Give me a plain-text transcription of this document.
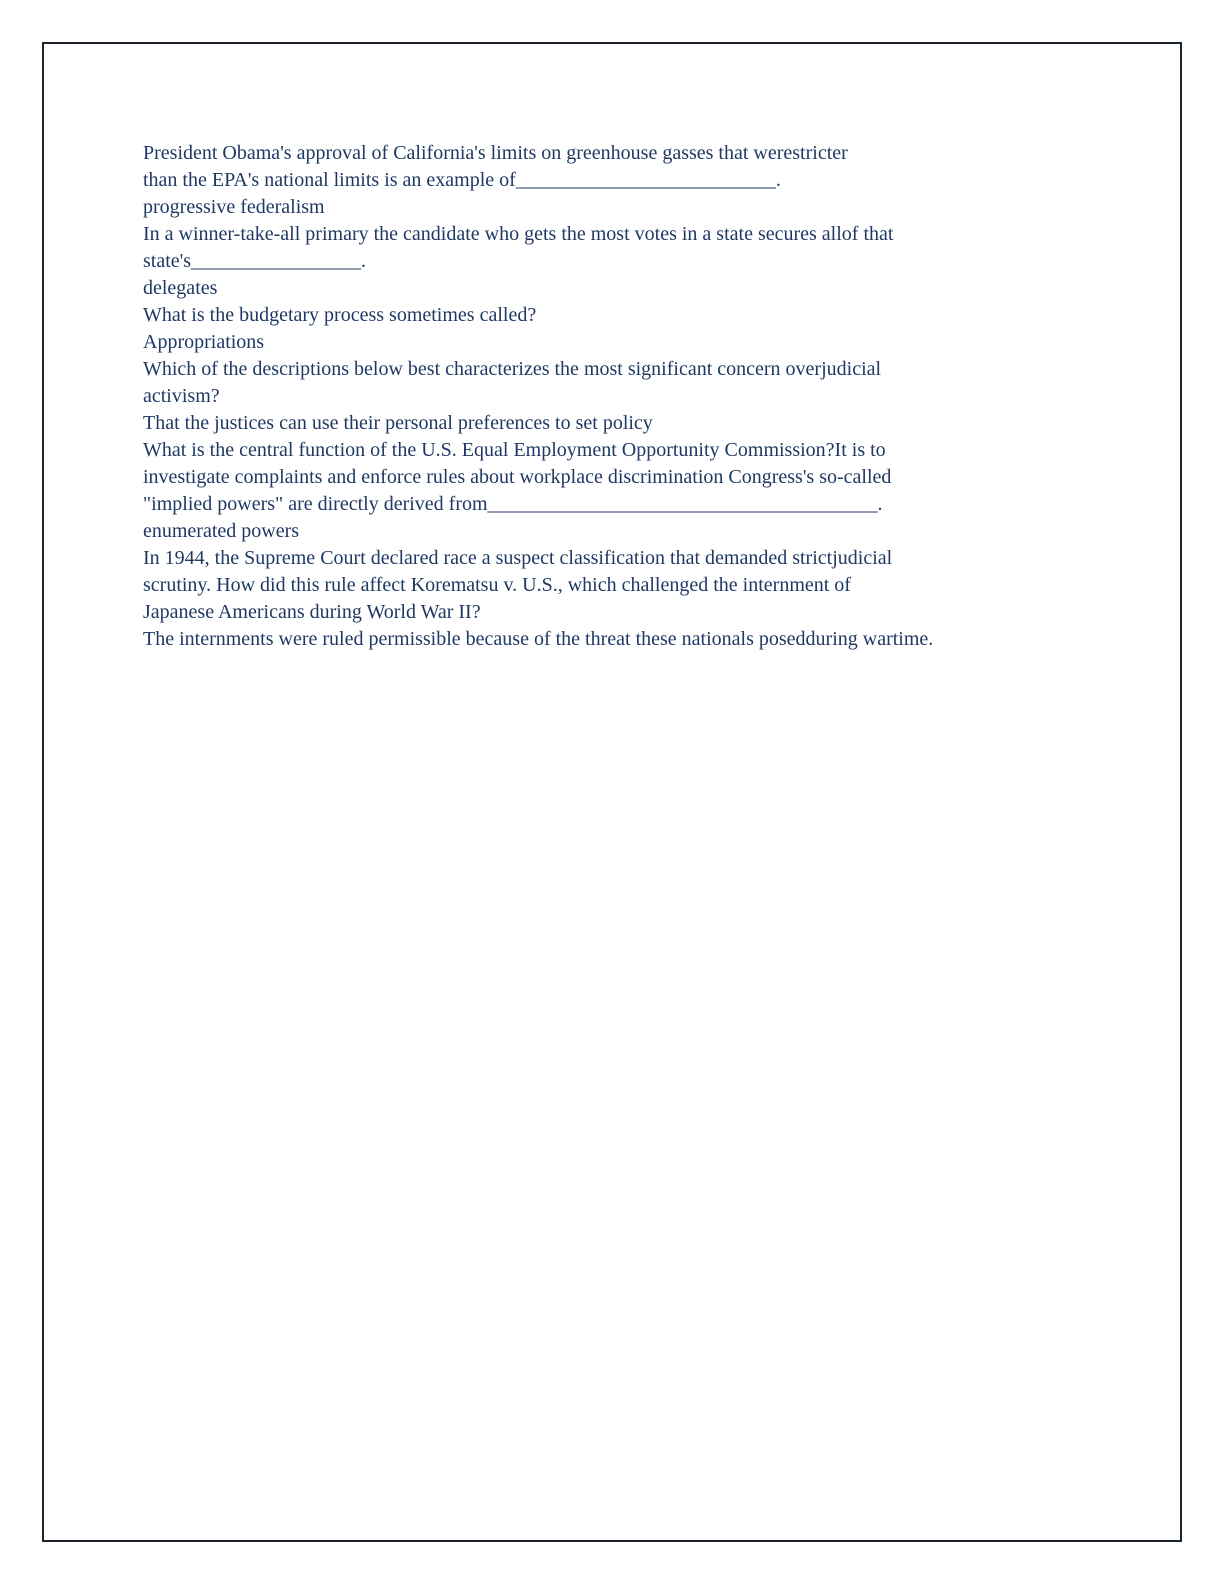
President Obama's approval of California's limits on greenhouse gasses that werestricter
than the EPA's national limits is an example of__________________________.
progressive federalism
In a winner-take-all primary the candidate who gets the most votes in a state secures allof that
state's_________________.
delegates
What is the budgetary process sometimes called?
Appropriations
Which of the descriptions below best characterizes the most significant concern overjudicial
activism?
That the justices can use their personal preferences to set policy
What is the central function of the U.S. Equal Employment Opportunity Commission?It is to
investigate complaints and enforce rules about workplace discrimination Congress's so-called
"implied powers" are directly derived from_______________________________________.
enumerated powers
In 1944, the Supreme Court declared race a suspect classification that demanded strictjudicial
scrutiny. How did this rule affect Korematsu v. U.S., which challenged the internment of
Japanese Americans during World War II?
The internments were ruled permissible because of the threat these nationals posedduring wartime.
